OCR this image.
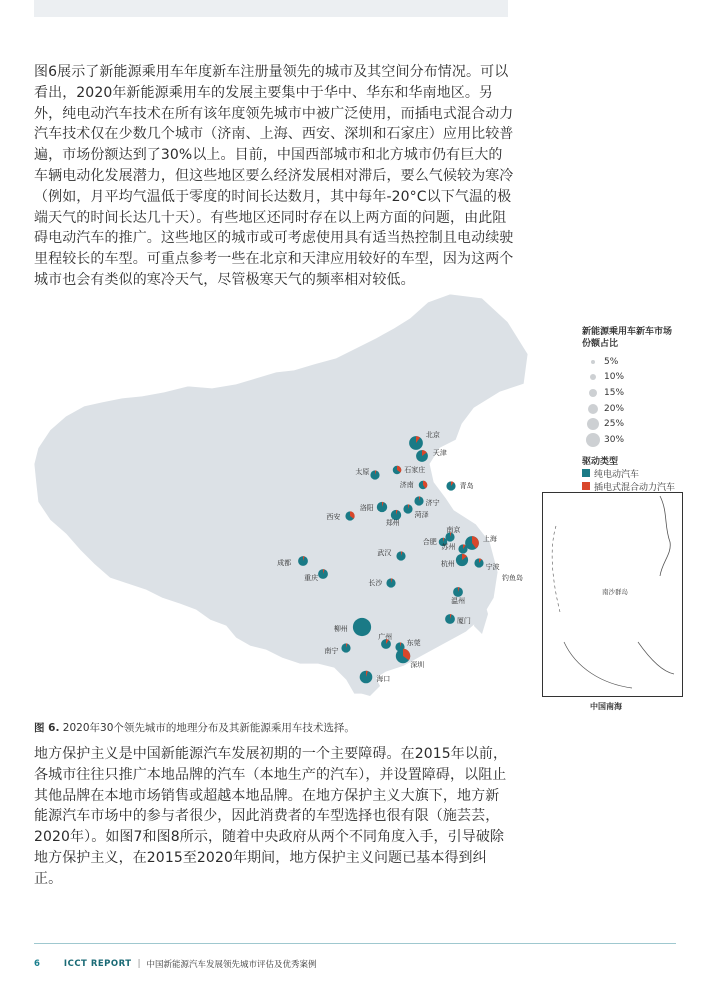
图6展示了新能源乘用车年度新车注册量领先的城市及其空间分布情况。可以看出，2020年新能源乘用车的发展主要集中于华中、华东和华南地区。另外，纯电动汽车技术在所有该年度领先城市中被广泛使用，而插电式混合动力汽车技术仅在少数几个城市（济南、上海、西安、深圳和石家庄）应用比较普遍，市场份额达到了30%以上。目前，中国西部城市和北方城市仍有巨大的车辆电动化发展潜力，但这些地区要么经济发展相对滞后，要么气候较为寒冷（例如，月平均气温低于零度的时间长达数月，其中每年-20°C以下气温的极端天气的时间长达几十天）。有些地区还同时存在以上两方面的问题，由此阻碍电动汽车的推广。这些地区的城市或可考虑使用具有适当热控制且电动续驶里程较长的车型。可重点参考一些在北京和天津应用较好的车型，因为这两个城市也会有类似的寒冷天气，尽管极寒天气的频率相对较低。

北京
天津
太原	石家庄
济南	青岛
洛阳
济宁
菏泽
郑州
西安
南京
合肥
苏州
上海
杭州	宁波
武汉
成都
重庆
长沙
温州
柳州
广州
东莞
深圳
南宁
厦门
海口
钓鱼岛
新能源乘用车新车市场份额占比
5%
10%
15%
20%
25%
30%
驱动类型
纯电动汽车
插电式混合动力汽车
南沙群岛
中国南海
图 6. 2020年30个领先城市的地理分布及其新能源乘用车技术选择。

地方保护主义是中国新能源汽车发展初期的一个主要障碍。在2015年以前，各城市往往只推广本地品牌的汽车（本地生产的汽车），并设置障碍，以阻止其他品牌在本地市场销售或超越本地品牌。在地方保护主义大旗下，地方新能源汽车市场中的参与者很少，因此消费者的车型选择也很有限（施芸芸，2020年）。如图7和图8所示，随着中央政府从两个不同角度入手，引导破除地方保护主义，在2015至2020年期间，地方保护主义问题已基本得到纠正。

6	ICCT REPORT | 中国新能源汽车发展领先城市评估及优秀案例
